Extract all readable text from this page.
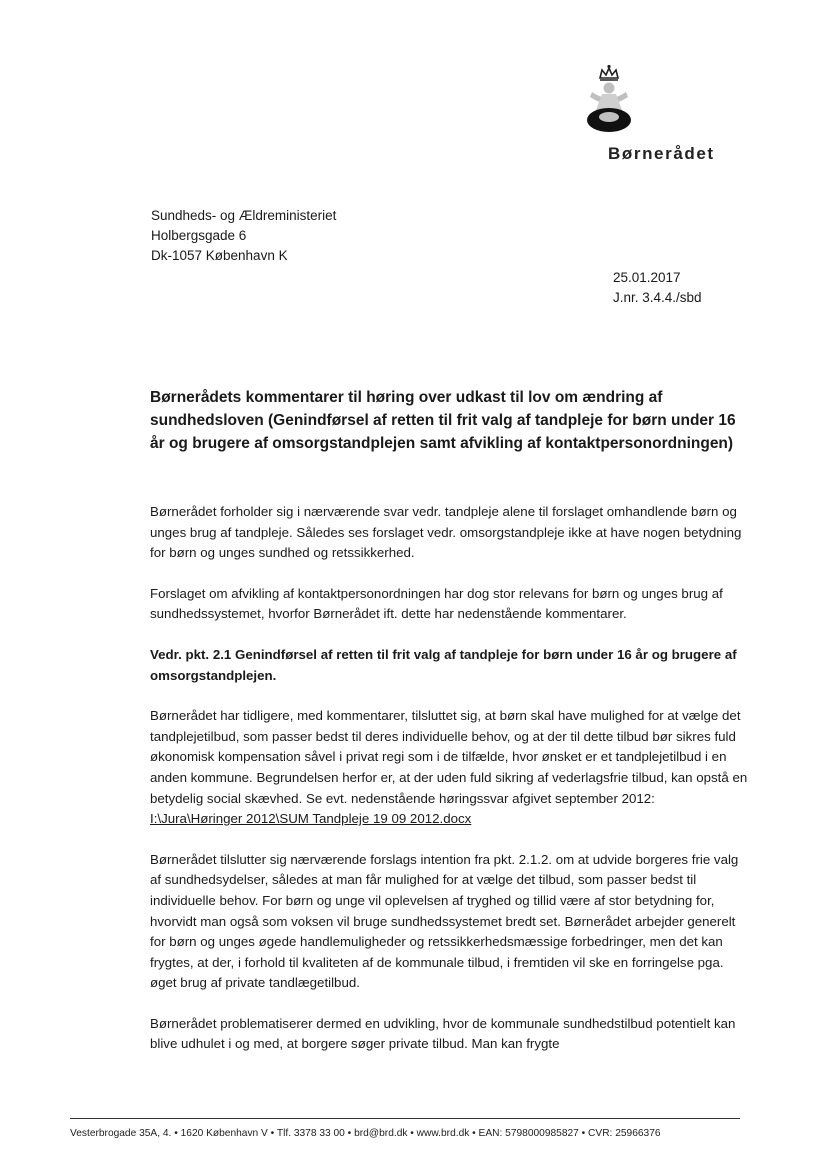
Børnerådet
Sundheds- og Ældreministeriet
Holbergsgade 6
Dk-1057 København K
25.01.2017
J.nr. 3.4.4./sbd
Børnerådets kommentarer til høring over udkast til lov om ændring af sundhedsloven (Genindførsel af retten til frit valg af tandpleje for børn under 16 år og brugere af omsorgstandplejen samt afvikling af kontaktpersonordningen)

Børnerådet forholder sig i nærværende svar vedr. tandpleje alene til forslaget omhandlende børn og unges brug af tandpleje. Således ses forslaget vedr. omsorgstandpleje ikke at have nogen betydning for børn og unges sundhed og retssikkerhed.

Forslaget om afvikling af kontaktpersonordningen har dog stor relevans for børn og unges brug af sundhedssystemet, hvorfor Børnerådet ift. dette har nedenstående kommentarer.

Vedr. pkt. 2.1 Genindførsel af retten til frit valg af tandpleje for børn under 16 år og brugere af omsorgstandplejen.

Børnerådet har tidligere, med kommentarer, tilsluttet sig, at børn skal have mulighed for at vælge det tandplejetilbud, som passer bedst til deres individuelle behov, og at der til dette tilbud bør sikres fuld økonomisk kompensation såvel i privat regi som i de tilfælde, hvor ønsket er et tandplejetilbud i en anden kommune. Begrundelsen herfor er, at der uden fuld sikring af vederlagsfrie tilbud, kan opstå en betydelig social skævhed. Se evt. nedenstående høringssvar afgivet september 2012:
I:\Jura\Høringer 2012\SUM Tandpleje 19 09 2012.docx

Børnerådet tilslutter sig nærværende forslags intention fra pkt. 2.1.2. om at udvide borgeres frie valg af sundhedsydelser, således at man får mulighed for at vælge det tilbud, som passer bedst til individuelle behov. For børn og unge vil oplevelsen af tryghed og tillid være af stor betydning for, hvorvidt man også som voksen vil bruge sundhedssystemet bredt set. Børnerådet arbejder generelt for børn og unges øgede handlemuligheder og retssikkerhedsmæssige forbedringer, men det kan frygtes, at der, i forhold til kvaliteten af de kommunale tilbud, i fremtiden vil ske en forringelse pga. øget brug af private tandlægetilbud.

Børnerådet problematiserer dermed en udvikling, hvor de kommunale sundhedstilbud potentielt kan blive udhulet i og med, at borgere søger private tilbud. Man kan frygte

Vesterbrogade 35A, 4. • 1620 København V • Tlf. 3378 33 00 • brd@brd.dk • www.brd.dk • EAN: 5798000985827 • CVR: 25966376
